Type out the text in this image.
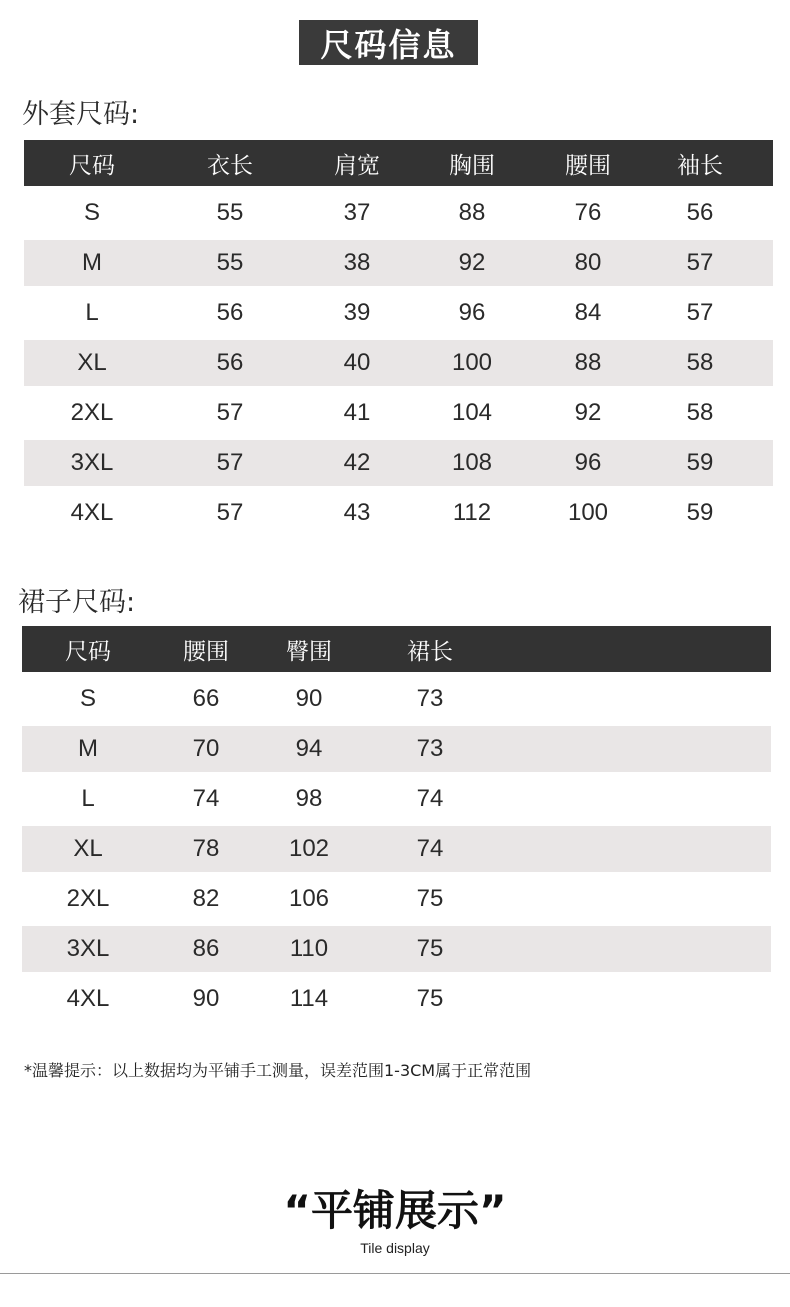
尺码信息
外套尺码:
尺码	衣长	肩宽	胸围	腰围	袖长
S	55	37	88	76	56
M	55	38	92	80	57
L	56	39	96	84	57
XL	56	40	100	88	58
2XL	57	41	104	92	58
3XL	57	42	108	96	59
4XL	57	43	112	100	59
裙子尺码:
尺码	腰围	臀围	裙长
S	66	90	73
M	70	94	73
L	74	98	74
XL	78	102	74
2XL	82	106	75
3XL	86	110	75
4XL	90	114	75
*温馨提示：以上数据均为平铺手工测量，误差范围1-3CM属于正常范围
“平铺展示”
Tile display
